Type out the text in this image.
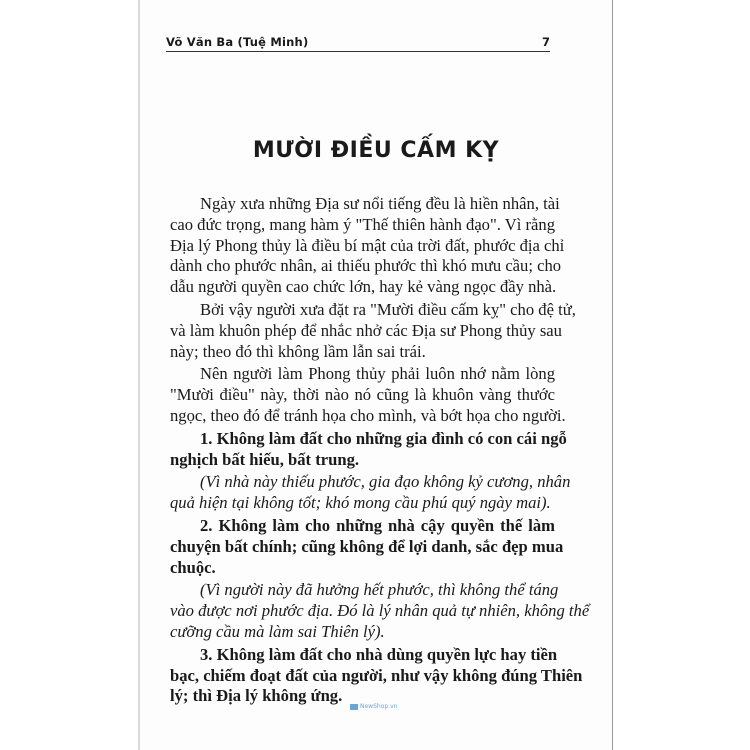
Võ Văn Ba (Tuệ Minh)	7
MƯỜI ĐIỀU CẤM KỴ
Ngày xưa những Địa sư nổi tiếng đều là hiền nhân, tài
cao đức trọng, mang hàm ý "Thế thiên hành đạo". Vì rằng
Địa lý Phong thủy là điều bí mật của trời đất, phước địa chỉ
dành cho phước nhân, ai thiếu phước thì khó mưu cầu; cho
dẫu người quyền cao chức lớn, hay kẻ vàng ngọc đầy nhà.
Bởi vậy người xưa đặt ra "Mười điều cấm kỵ" cho đệ tử,
và làm khuôn phép để nhắc nhở các Địa sư Phong thủy sau
này; theo đó thì không lầm lẫn sai trái.
Nên người làm Phong thủy phải luôn nhớ nằm lòng
"Mười điều" này, thời nào nó cũng là khuôn vàng thước
ngọc, theo đó để tránh họa cho mình, và bớt họa cho người.
1. Không làm đất cho những gia đình có con cái ngỗ
nghịch bất hiếu, bất trung.
(Vì nhà này thiếu phước, gia đạo không kỷ cương, nhân
quả hiện tại không tốt; khó mong cầu phú quý ngày mai).
2. Không làm cho những nhà cậy quyền thế làm
chuyện bất chính; cũng không để lợi danh, sắc đẹp mua
chuộc.
(Vì người này đã hưởng hết phước, thì không thể táng
vào được nơi phước địa. Đó là lý nhân quả tự nhiên, không thể
cưỡng cầu mà làm sai Thiên lý).
3. Không làm đất cho nhà dùng quyền lực hay tiền
bạc, chiếm đoạt đất của người, như vậy không đúng Thiên
lý; thì Địa lý không ứng.
NewShop.vn
